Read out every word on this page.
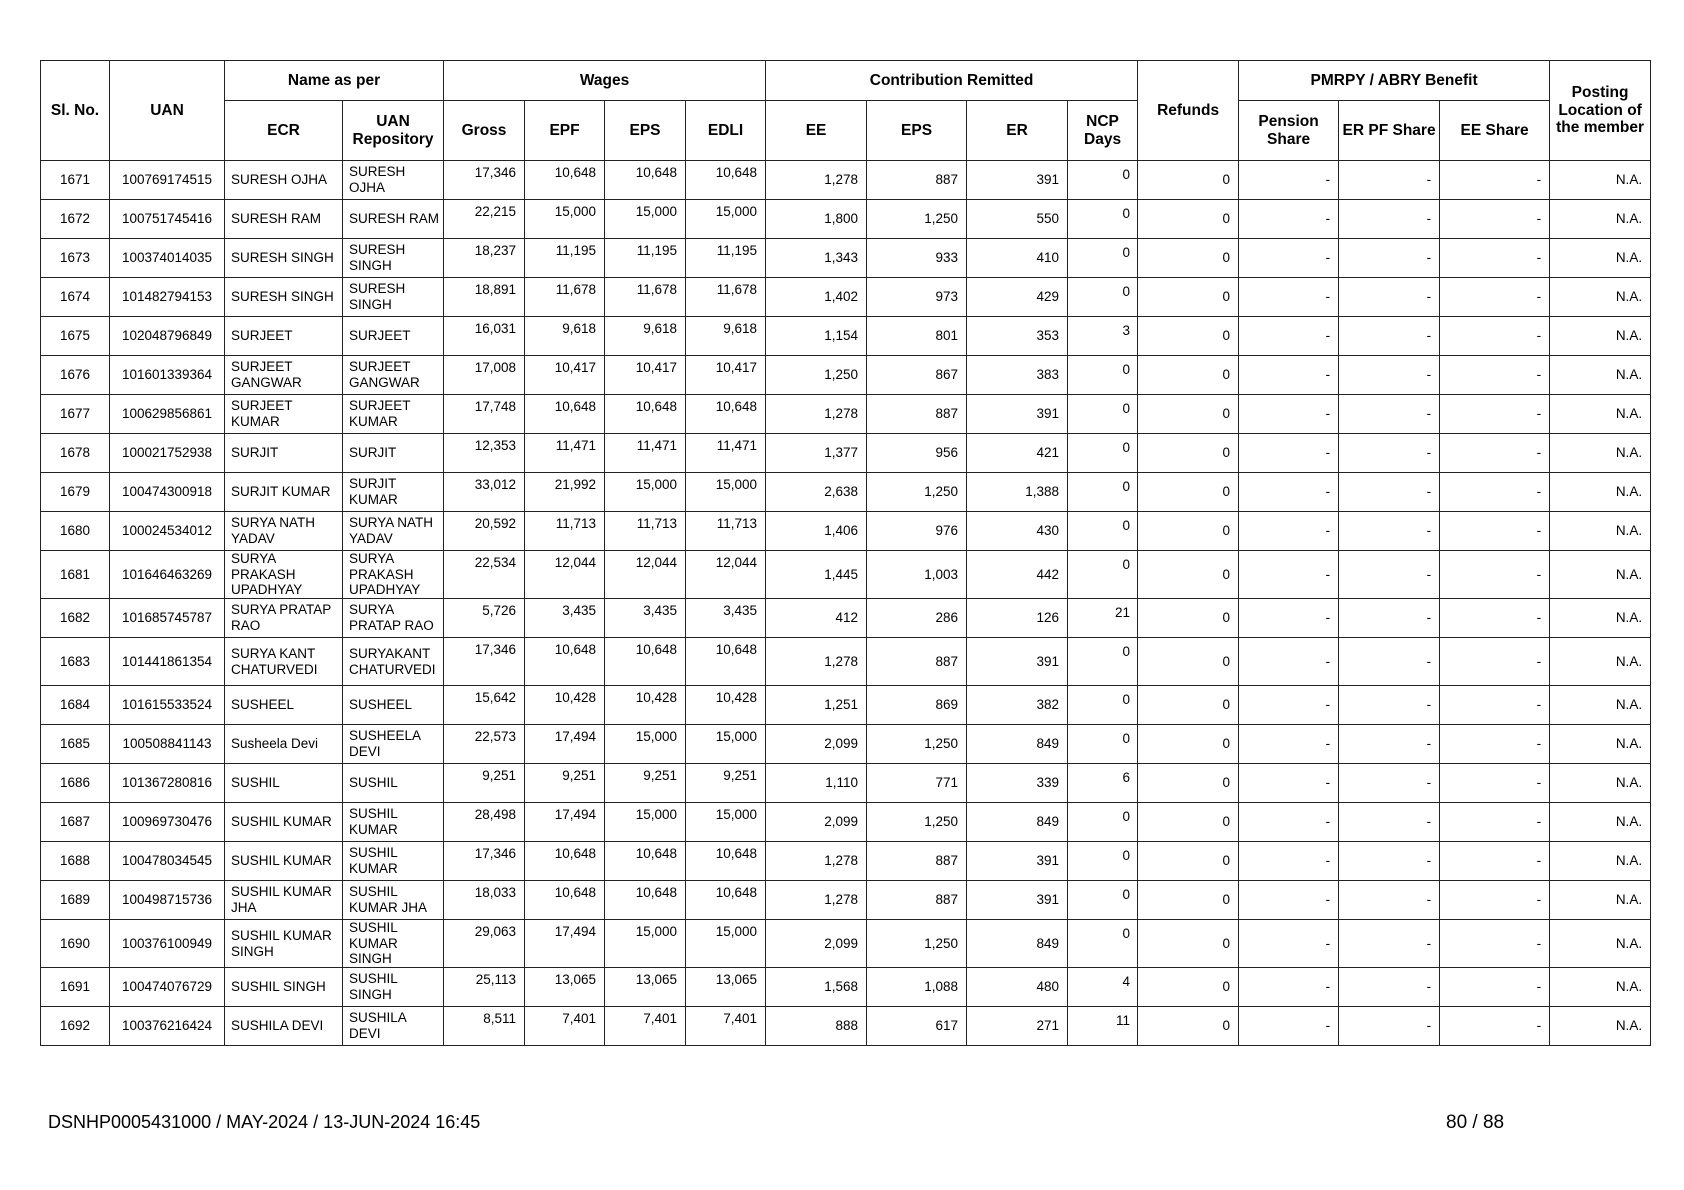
Sl. No.	UAN	Name as per		Wages				Contribution Remitted				Refunds	PMRPY / ABRY Benefit			Posting Location of the member
		ECR	UAN Repository	Gross	EPF	EPS	EDLI	EE	EPS	ER	NCP Days		Pension Share	ER PF Share	EE Share	
1671	100769174515	SURESH OJHA	SURESH OJHA	17,346	10,648	10,648	10,648	1,278	887	391	0	0	-	-	-	N.A.
1672	100751745416	SURESH RAM	SURESH RAM	22,215	15,000	15,000	15,000	1,800	1,250	550	0	0	-	-	-	N.A.
1673	100374014035	SURESH SINGH	SURESH SINGH	18,237	11,195	11,195	11,195	1,343	933	410	0	0	-	-	-	N.A.
1674	101482794153	SURESH SINGH	SURESH SINGH	18,891	11,678	11,678	11,678	1,402	973	429	0	0	-	-	-	N.A.
1675	102048796849	SURJEET	SURJEET	16,031	9,618	9,618	9,618	1,154	801	353	3	0	-	-	-	N.A.
1676	101601339364	SURJEET GANGWAR	SURJEET GANGWAR	17,008	10,417	10,417	10,417	1,250	867	383	0	0	-	-	-	N.A.
1677	100629856861	SURJEET KUMAR	SURJEET KUMAR	17,748	10,648	10,648	10,648	1,278	887	391	0	0	-	-	-	N.A.
1678	100021752938	SURJIT	SURJIT	12,353	11,471	11,471	11,471	1,377	956	421	0	0	-	-	-	N.A.
1679	100474300918	SURJIT KUMAR	SURJIT KUMAR	33,012	21,992	15,000	15,000	2,638	1,250	1,388	0	0	-	-	-	N.A.
1680	100024534012	SURYA NATH YADAV	SURYA NATH YADAV	20,592	11,713	11,713	11,713	1,406	976	430	0	0	-	-	-	N.A.
1681	101646463269	SURYA PRAKASH UPADHYAY	SURYA PRAKASH UPADHYAY	22,534	12,044	12,044	12,044	1,445	1,003	442	0	0	-	-	-	N.A.
1682	101685745787	SURYA PRATAP RAO	SURYA PRATAP RAO	5,726	3,435	3,435	3,435	412	286	126	21	0	-	-	-	N.A.
1683	101441861354	SURYA KANT CHATURVEDI	SURYAKANT CHATURVEDI	17,346	10,648	10,648	10,648	1,278	887	391	0	0	-	-	-	N.A.
1684	101615533524	SUSHEEL	SUSHEEL	15,642	10,428	10,428	10,428	1,251	869	382	0	0	-	-	-	N.A.
1685	100508841143	Susheela Devi	SUSHEELA DEVI	22,573	17,494	15,000	15,000	2,099	1,250	849	0	0	-	-	-	N.A.
1686	101367280816	SUSHIL	SUSHIL	9,251	9,251	9,251	9,251	1,110	771	339	6	0	-	-	-	N.A.
1687	100969730476	SUSHIL KUMAR	SUSHIL KUMAR	28,498	17,494	15,000	15,000	2,099	1,250	849	0	0	-	-	-	N.A.
1688	100478034545	SUSHIL KUMAR	SUSHIL KUMAR	17,346	10,648	10,648	10,648	1,278	887	391	0	0	-	-	-	N.A.
1689	100498715736	SUSHIL KUMAR JHA	SUSHIL KUMAR JHA	18,033	10,648	10,648	10,648	1,278	887	391	0	0	-	-	-	N.A.
1690	100376100949	SUSHIL KUMAR SINGH	SUSHIL KUMAR SINGH	29,063	17,494	15,000	15,000	2,099	1,250	849	0	0	-	-	-	N.A.
1691	100474076729	SUSHIL SINGH	SUSHIL SINGH	25,113	13,065	13,065	13,065	1,568	1,088	480	4	0	-	-	-	N.A.
1692	100376216424	SUSHILA DEVI	SUSHILA DEVI	8,511	7,401	7,401	7,401	888	617	271	11	0	-	-	-	N.A.
DSNHP0005431000 / MAY-2024 / 13-JUN-2024 16:45	80 / 88
